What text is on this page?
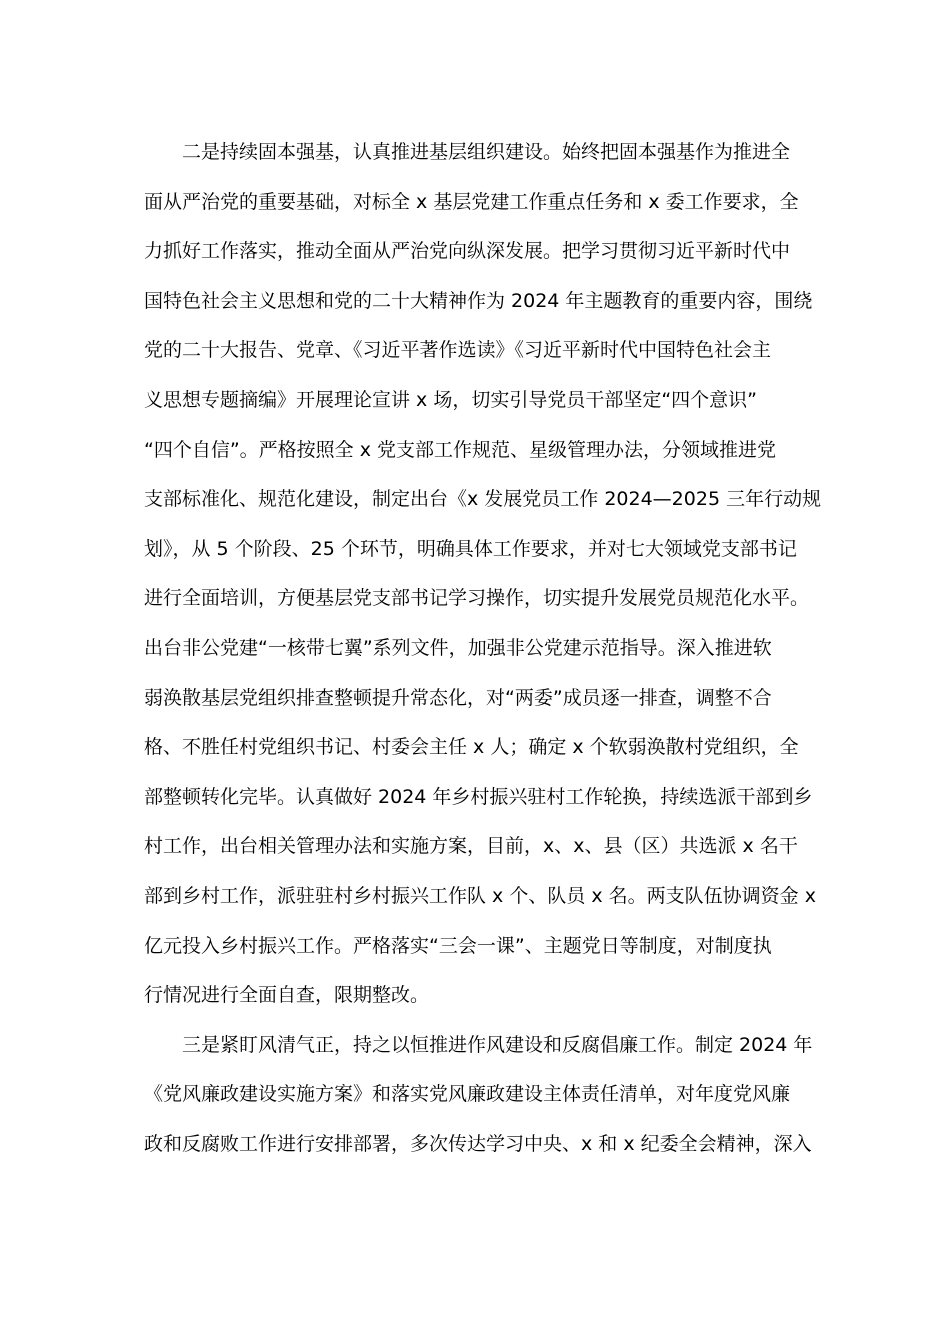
二是持续固本强基，认真推进基层组织建设。始终把固本强基作为推进全
面从严治党的重要基础，对标全 x 基层党建工作重点任务和 x 委工作要求，全
力抓好工作落实，推动全面从严治党向纵深发展。把学习贯彻习近平新时代中
国特色社会主义思想和党的二十大精神作为 2024 年主题教育的重要内容，围绕
党的二十大报告、党章、《习近平著作选读》《习近平新时代中国特色社会主
义思想专题摘编》开展理论宣讲 x 场，切实引导党员干部坚定“四个意识”
“四个自信”。严格按照全 x 党支部工作规范、星级管理办法，分领域推进党
支部标准化、规范化建设，制定出台《x 发展党员工作 2024—2025 三年行动规
划》，从 5 个阶段、25 个环节，明确具体工作要求，并对七大领域党支部书记
进行全面培训，方便基层党支部书记学习操作，切实提升发展党员规范化水平。
出台非公党建“一核带七翼”系列文件，加强非公党建示范指导。深入推进软
弱涣散基层党组织排查整顿提升常态化，对“两委”成员逐一排查，调整不合
格、不胜任村党组织书记、村委会主任 x 人；确定 x 个软弱涣散村党组织，全
部整顿转化完毕。认真做好 2024 年乡村振兴驻村工作轮换，持续选派干部到乡
村工作，出台相关管理办法和实施方案，目前，x、x、县（区）共选派 x 名干
部到乡村工作，派驻驻村乡村振兴工作队 x 个、队员 x 名。两支队伍协调资金 x
亿元投入乡村振兴工作。严格落实“三会一课”、主题党日等制度，对制度执
行情况进行全面自查，限期整改。
三是紧盯风清气正，持之以恒推进作风建设和反腐倡廉工作。制定 2024 年
《党风廉政建设实施方案》和落实党风廉政建设主体责任清单，对年度党风廉
政和反腐败工作进行安排部署，多次传达学习中央、x 和 x 纪委全会精神，深入
